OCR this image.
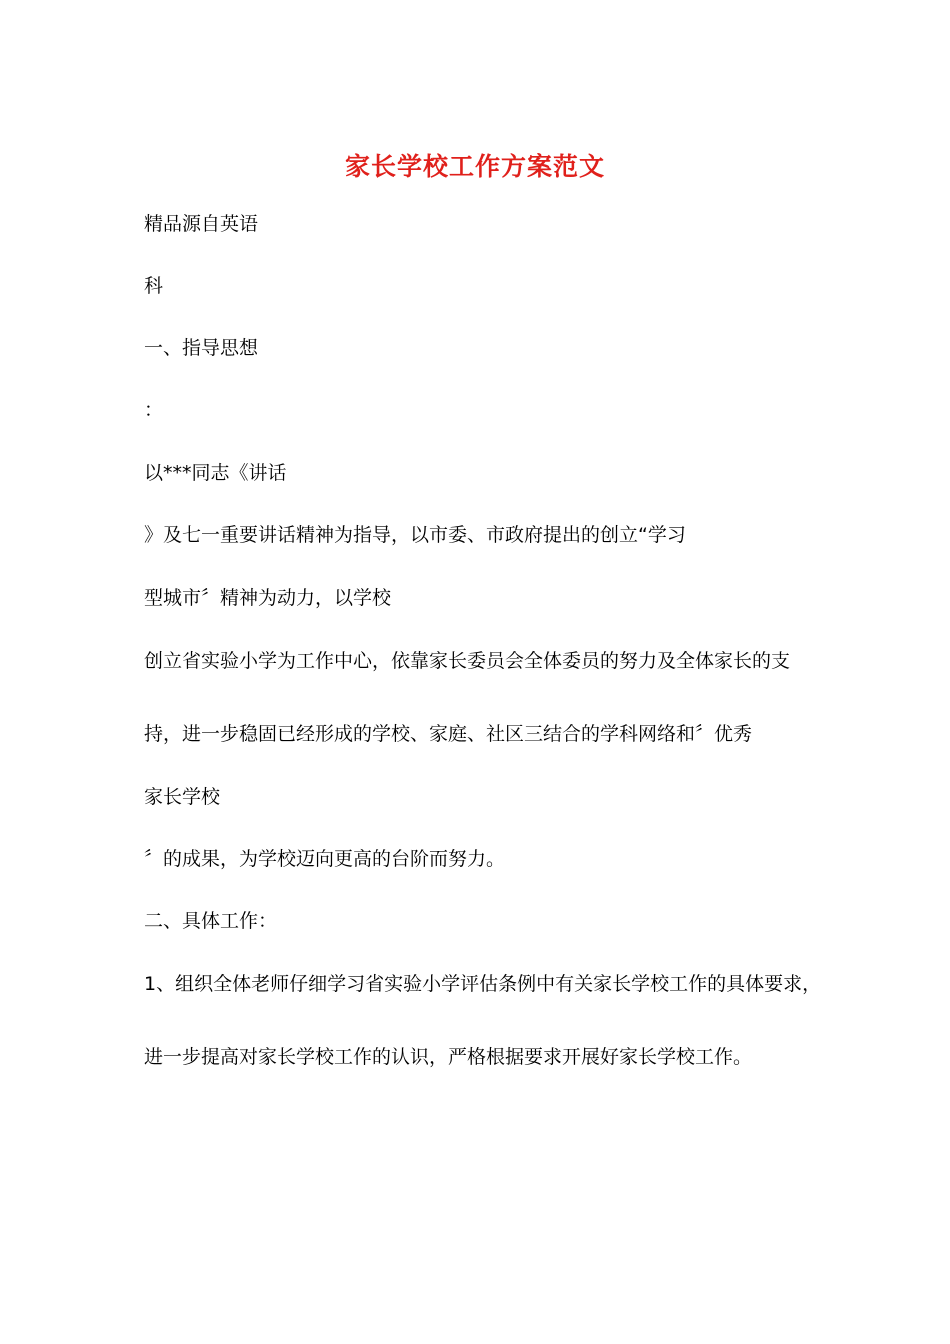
家长学校工作方案范文
精品源自英语
科
一、指导思想
：
以***同志《讲话
》及七一重要讲话精神为指导，以市委、市政府提出的创立“学习
型城市〞精神为动力，以学校
创立省实验小学为工作中心，依靠家长委员会全体委员的努力及全体家长的支
持，进一步稳固已经形成的学校、家庭、社区三结合的学科网络和〞优秀
家长学校
〞的成果，为学校迈向更高的台阶而努力。
二、具体工作：
1、组织全体老师仔细学习省实验小学评估条例中有关家长学校工作的具体要求，
进一步提高对家长学校工作的认识，严格根据要求开展好家长学校工作。
